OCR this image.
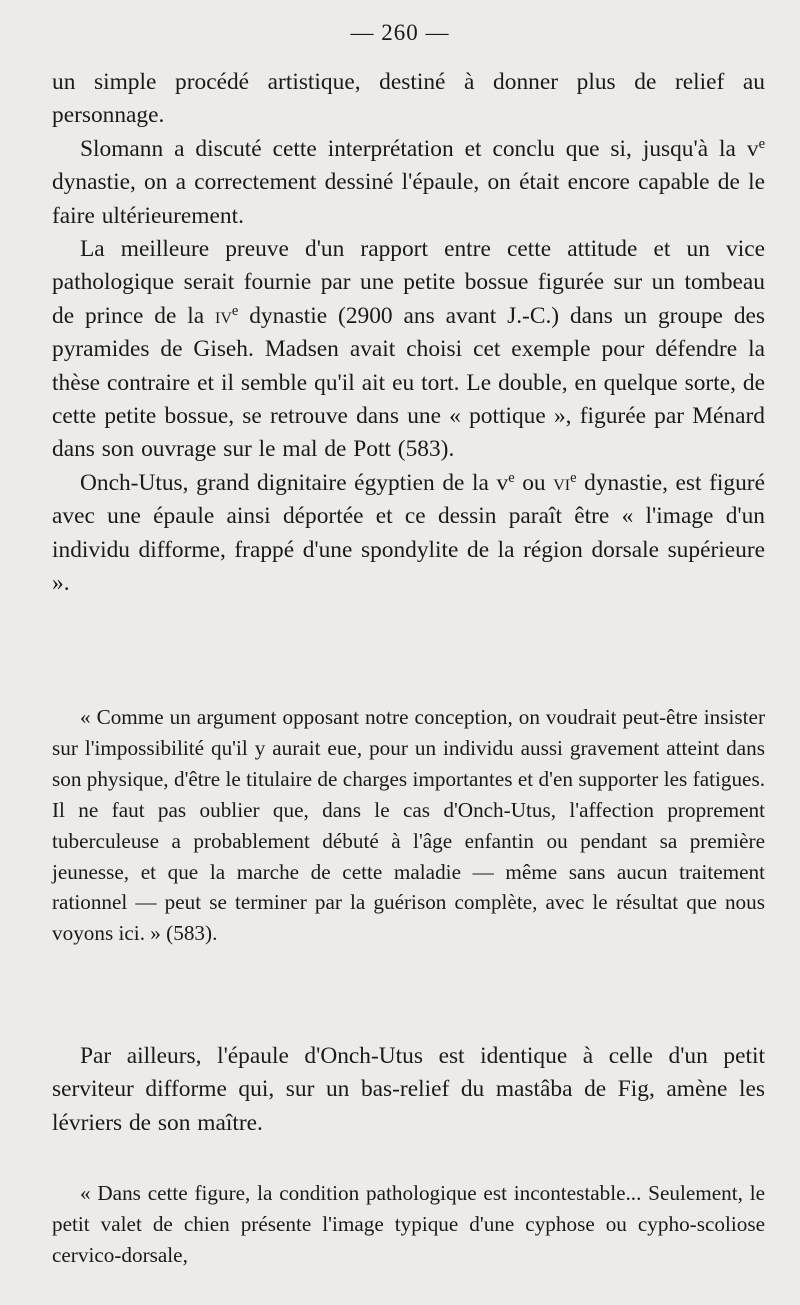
— 260 —

un simple procédé artistique, destiné à donner plus de relief au personnage.

Slomann a discuté cette interprétation et conclu que si, jusqu'à la $v^e$ dynastie, on a correctement dessiné l'épaule, on était encore capable de le faire ultérieurement.

La meilleure preuve d'un rapport entre cette attitude et un vice pathologique serait fournie par une petite bossue figurée sur un tombeau de prince de la $iv^e$ dynastie (2900 ans avant J.-C.) dans un groupe des pyramides de Giseh. Madsen avait choisi cet exemple pour défendre la thèse contraire et il semble qu'il ait eu tort. Le double, en quelque sorte, de cette petite bossue, se retrouve dans une « pottique », figurée par Ménard dans son ouvrage sur le mal de Pott (583).

Onch-Utus, grand dignitaire égyptien de la $v^e$ ou $vi^e$ dynastie, est figuré avec une épaule ainsi déportée et ce dessin paraît être « l'image d'un individu difforme, frappé d'une spondylite de la région dorsale supérieure ».

« Comme un argument opposant notre conception, on voudrait peut-être insister sur l'impossibilité qu'il y aurait eue, pour un individu aussi gravement atteint dans son physique, d'être le titulaire de charges importantes et d'en supporter les fatigues. Il ne faut pas oublier que, dans le cas d'Onch-Utus, l'affection proprement tuberculeuse a probablement débuté à l'âge enfantin ou pendant sa première jeunesse, et que la marche de cette maladie — même sans aucun traitement rationnel — peut se terminer par la guérison complète, avec le résultat que nous voyons ici. » (583).

Par ailleurs, l'épaule d'Onch-Utus est identique à celle d'un petit serviteur difforme qui, sur un bas-relief du mastâba de Fig, amène les lévriers de son maître.

« Dans cette figure, la condition pathologique est incontestable... Seulement, le petit valet de chien présente l'image typique d'une cyphose ou cypho-scoliose cervico-dorsale,
